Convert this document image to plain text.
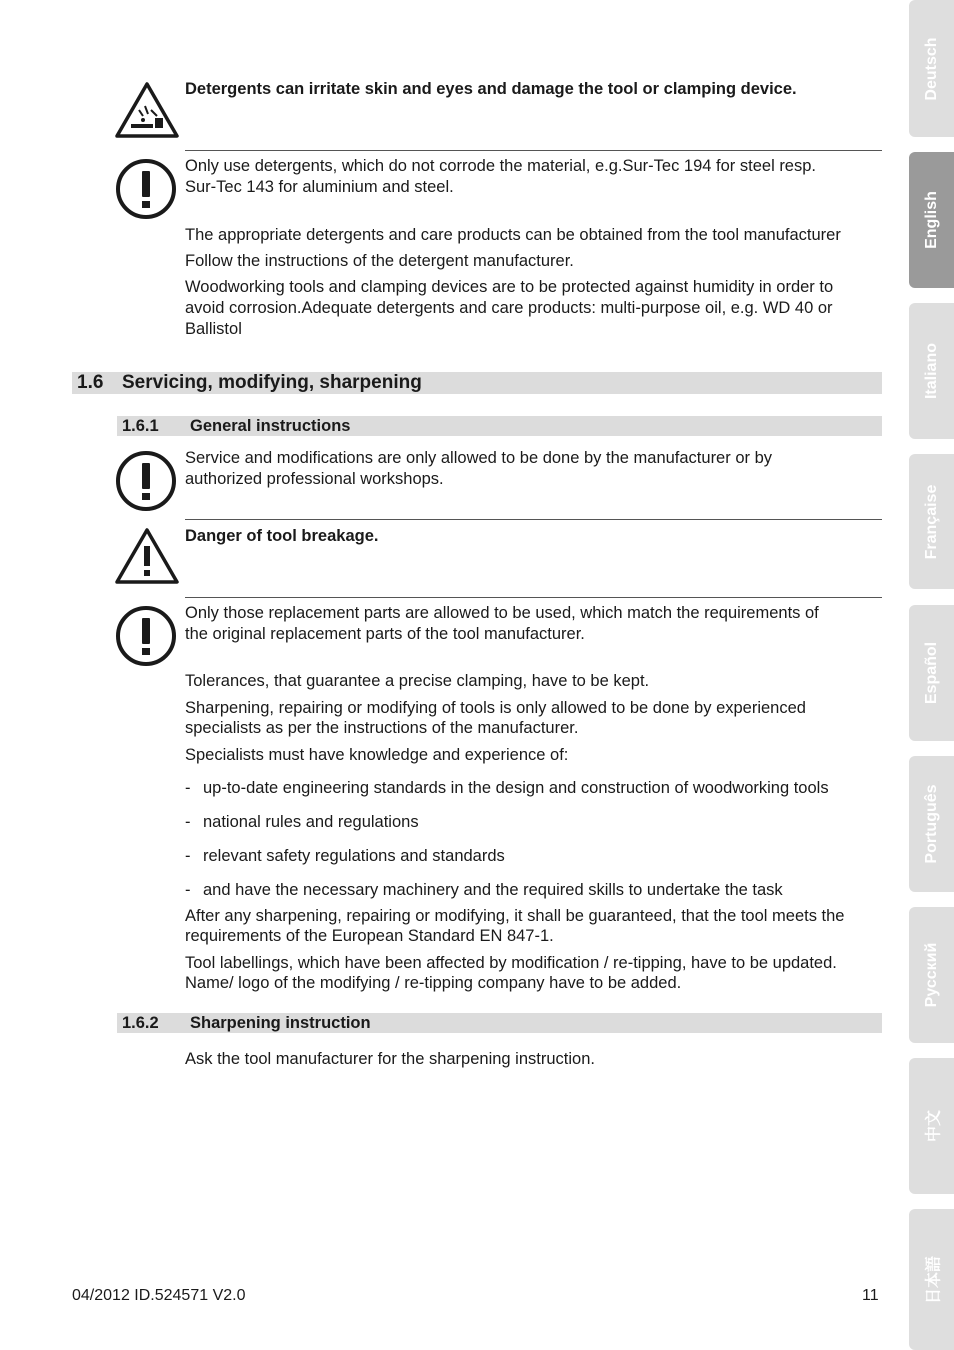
Detergents can irritate skin and eyes and damage the tool or clamping device.
Only use detergents, which do not corrode the material, e.g.Sur-Tec 194 for steel resp.
Sur-Tec 143 for aluminium and steel.
The appropriate detergents and care products can be obtained from the tool manufacturer
Follow the instructions of the detergent manufacturer.
Woodworking tools and clamping devices are to be protected against humidity in order to
avoid corrosion.Adequate detergents and care products: multi-purpose oil, e.g. WD 40 or
Ballistol
1.6 Servicing, modifying, sharpening
1.6.1 General instructions
Service and modifications are only allowed to be done by the manufacturer or by
authorized professional workshops.
Danger of tool breakage.
Only those replacement parts are allowed to be used, which match the requirements of
the original replacement parts of the tool manufacturer.
Tolerances, that guarantee a precise clamping, have to be kept.
Sharpening, repairing or modifying of tools is only allowed to be done by experienced
specialists as per the instructions of the manufacturer.
Specialists must have knowledge and experience of:
- up-to-date engineering standards in the design and construction of woodworking tools
- national rules and regulations
- relevant safety regulations and standards
- and have the necessary machinery and the required skills to undertake the task
After any sharpening, repairing or modifying, it shall be guaranteed, that the tool meets the
requirements of the European Standard EN 847-1.
Tool labellings, which have been affected by modification / re-tipping, have to be updated.
Name/ logo of the modifying / re-tipping company have to be added.
1.6.2 Sharpening instruction
Ask the tool manufacturer for the sharpening instruction.
04/2012 ID.524571 V2.0	11
Deutsch
English
Italiano
Française
Español
Português
Русский
中文
日本語
